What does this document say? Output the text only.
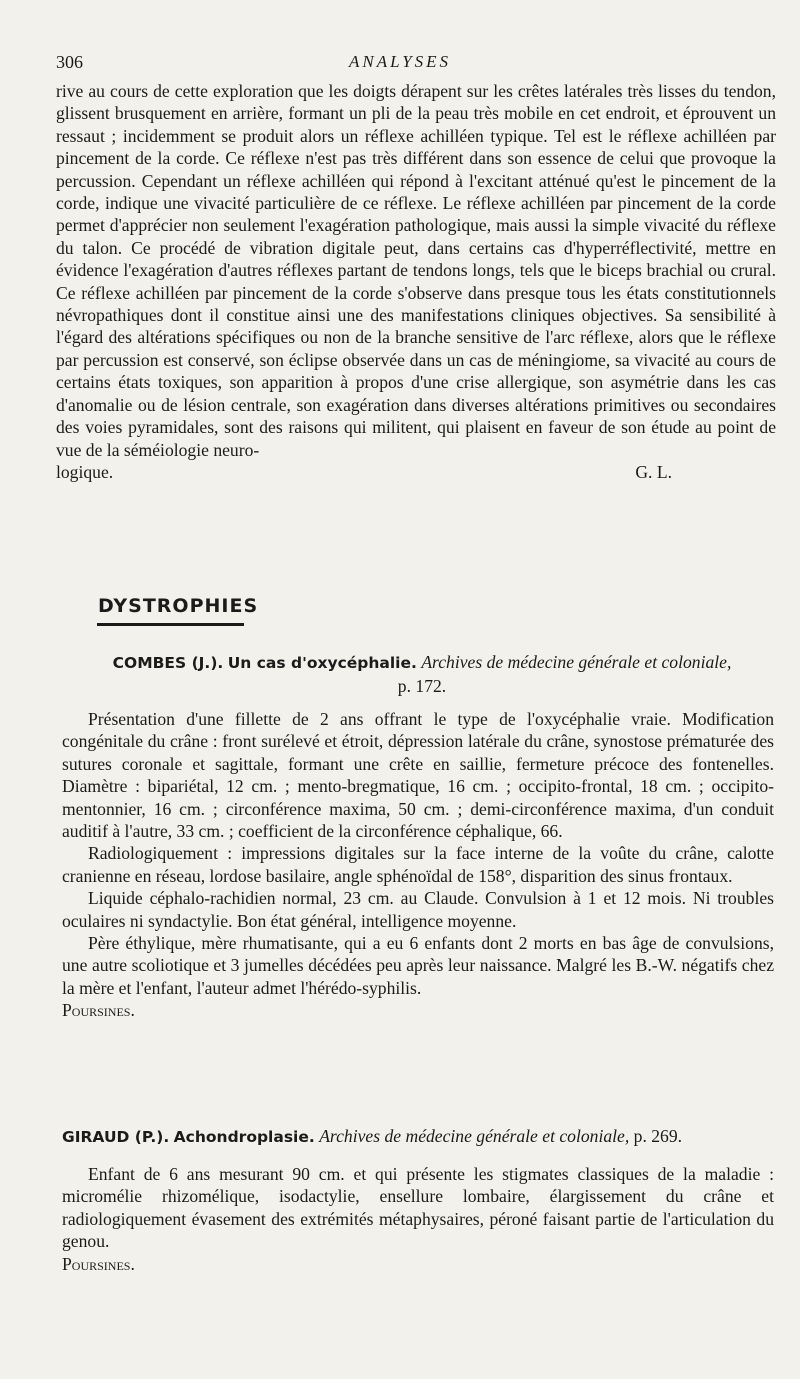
306	ANALYSES

rive au cours de cette exploration que les doigts dérapent sur les crêtes latérales très lisses du tendon, glissent brusquement en arrière, formant un pli de la peau très mobile en cet endroit, et éprouvent un ressaut ; incidemment se produit alors un réflexe achilléen typique. Tel est le réflexe achilléen par pincement de la corde. Ce réflexe n'est pas très différent dans son essence de celui que provoque la percussion. Cependant un réflexe achilléen qui répond à l'excitant atténué qu'est le pincement de la corde, indique une vivacité particulière de ce réflexe. Le réflexe achilléen par pincement de la corde permet d'apprécier non seulement l'exagération pathologique, mais aussi la simple vivacité du réflexe du talon. Ce procédé de vibration digitale peut, dans certains cas d'hyperréflectivité, mettre en évidence l'exagération d'autres réflexes partant de tendons longs, tels que le biceps brachial ou crural. Ce réflexe achilléen par pincement de la corde s'observe dans presque tous les états constitutionnels névropathiques dont il constitue ainsi une des manifestations cliniques objectives. Sa sensibilité à l'égard des altérations spécifiques ou non de la branche sensitive de l'arc réflexe, alors que le réflexe par percussion est conservé, son éclipse observée dans un cas de méningiome, sa vivacité au cours de certains états toxiques, son apparition à propos d'une crise allergique, son asymétrie dans les cas d'anomalie ou de lésion centrale, son exagération dans diverses altérations primitives ou secondaires des voies pyramidales, sont des raisons qui militent, qui plaisent en faveur de son étude au point de vue de la séméiologie neuro-

logique.	G. L.

DYSTROPHIES
COMBES (J.). Un cas d'oxycéphalie. Archives de médecine générale et coloniale,
p. 172.

Présentation d'une fillette de 2 ans offrant le type de l'oxycéphalie vraie. Modification congénitale du crâne : front surélevé et étroit, dépression latérale du crâne, synostose prématurée des sutures coronale et sagittale, formant une crête en saillie, fermeture précoce des fontenelles. Diamètre : bipariétal, 12 cm. ; mento-bregmatique, 16 cm. ; occipito-frontal, 18 cm. ; occipito-mentonnier, 16 cm. ; circonférence maxima, 50 cm. ; demi-circonférence maxima, d'un conduit auditif à l'autre, 33 cm. ; coefficient de la circonférence céphalique, 66.

Radiologiquement : impressions digitales sur la face interne de la voûte du crâne, calotte cranienne en réseau, lordose basilaire, angle sphénoïdal de 158°, disparition des sinus frontaux.

Liquide céphalo-rachidien normal, 23 cm. au Claude. Convulsion à 1 et 12 mois. Ni troubles oculaires ni syndactylie. Bon état général, intelligence moyenne.

Père éthylique, mère rhumatisante, qui a eu 6 enfants dont 2 morts en bas âge de convulsions, une autre scoliotique et 3 jumelles décédées peu après leur naissance. Malgré les B.-W. négatifs chez la mère et l'enfant, l'auteur admet l'hérédo-syphilis.

Poursines.

GIRAUD (P.). Achondroplasie. Archives de médecine générale et coloniale, p. 269.

Enfant de 6 ans mesurant 90 cm. et qui présente les stigmates classiques de la maladie : micromélie rhizomélique, isodactylie, ensellure lombaire, élargissement du crâne et radiologiquement évasement des extrémités métaphysaires, péroné faisant partie de l'articulation du genou.

Poursines.
